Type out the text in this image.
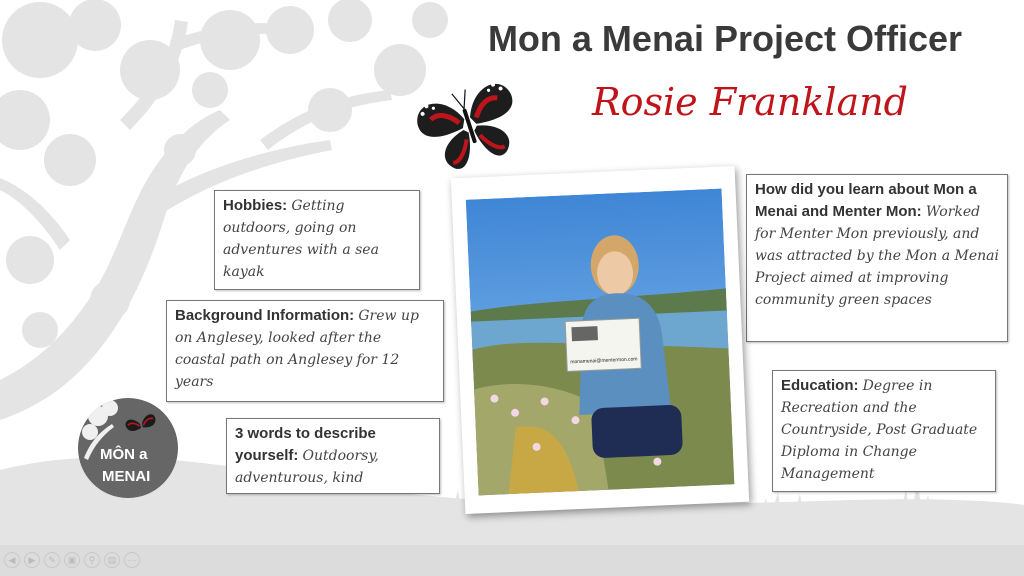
Mon a Menai Project Officer
Rosie Frankland
Hobbies: Getting outdoors, going on adventures with a sea kayak
Background Information: Grew up on Anglesey, looked after the coastal path on Anglesey for 12 years
3 words to describe yourself: Outdoorsy, adventurous, kind
How did you learn about Mon a Menai and Menter Mon: Worked for Menter Mon previously, and was attracted by the Mon a Menai Project aimed at improving community green spaces
Education: Degree in Recreation and the Countryside, Post Graduate Diploma in Change Management
monamenai@mentermon.com
MÔN a
MENAI
◀	▶	✎	▣	⚲	▤	⋯
